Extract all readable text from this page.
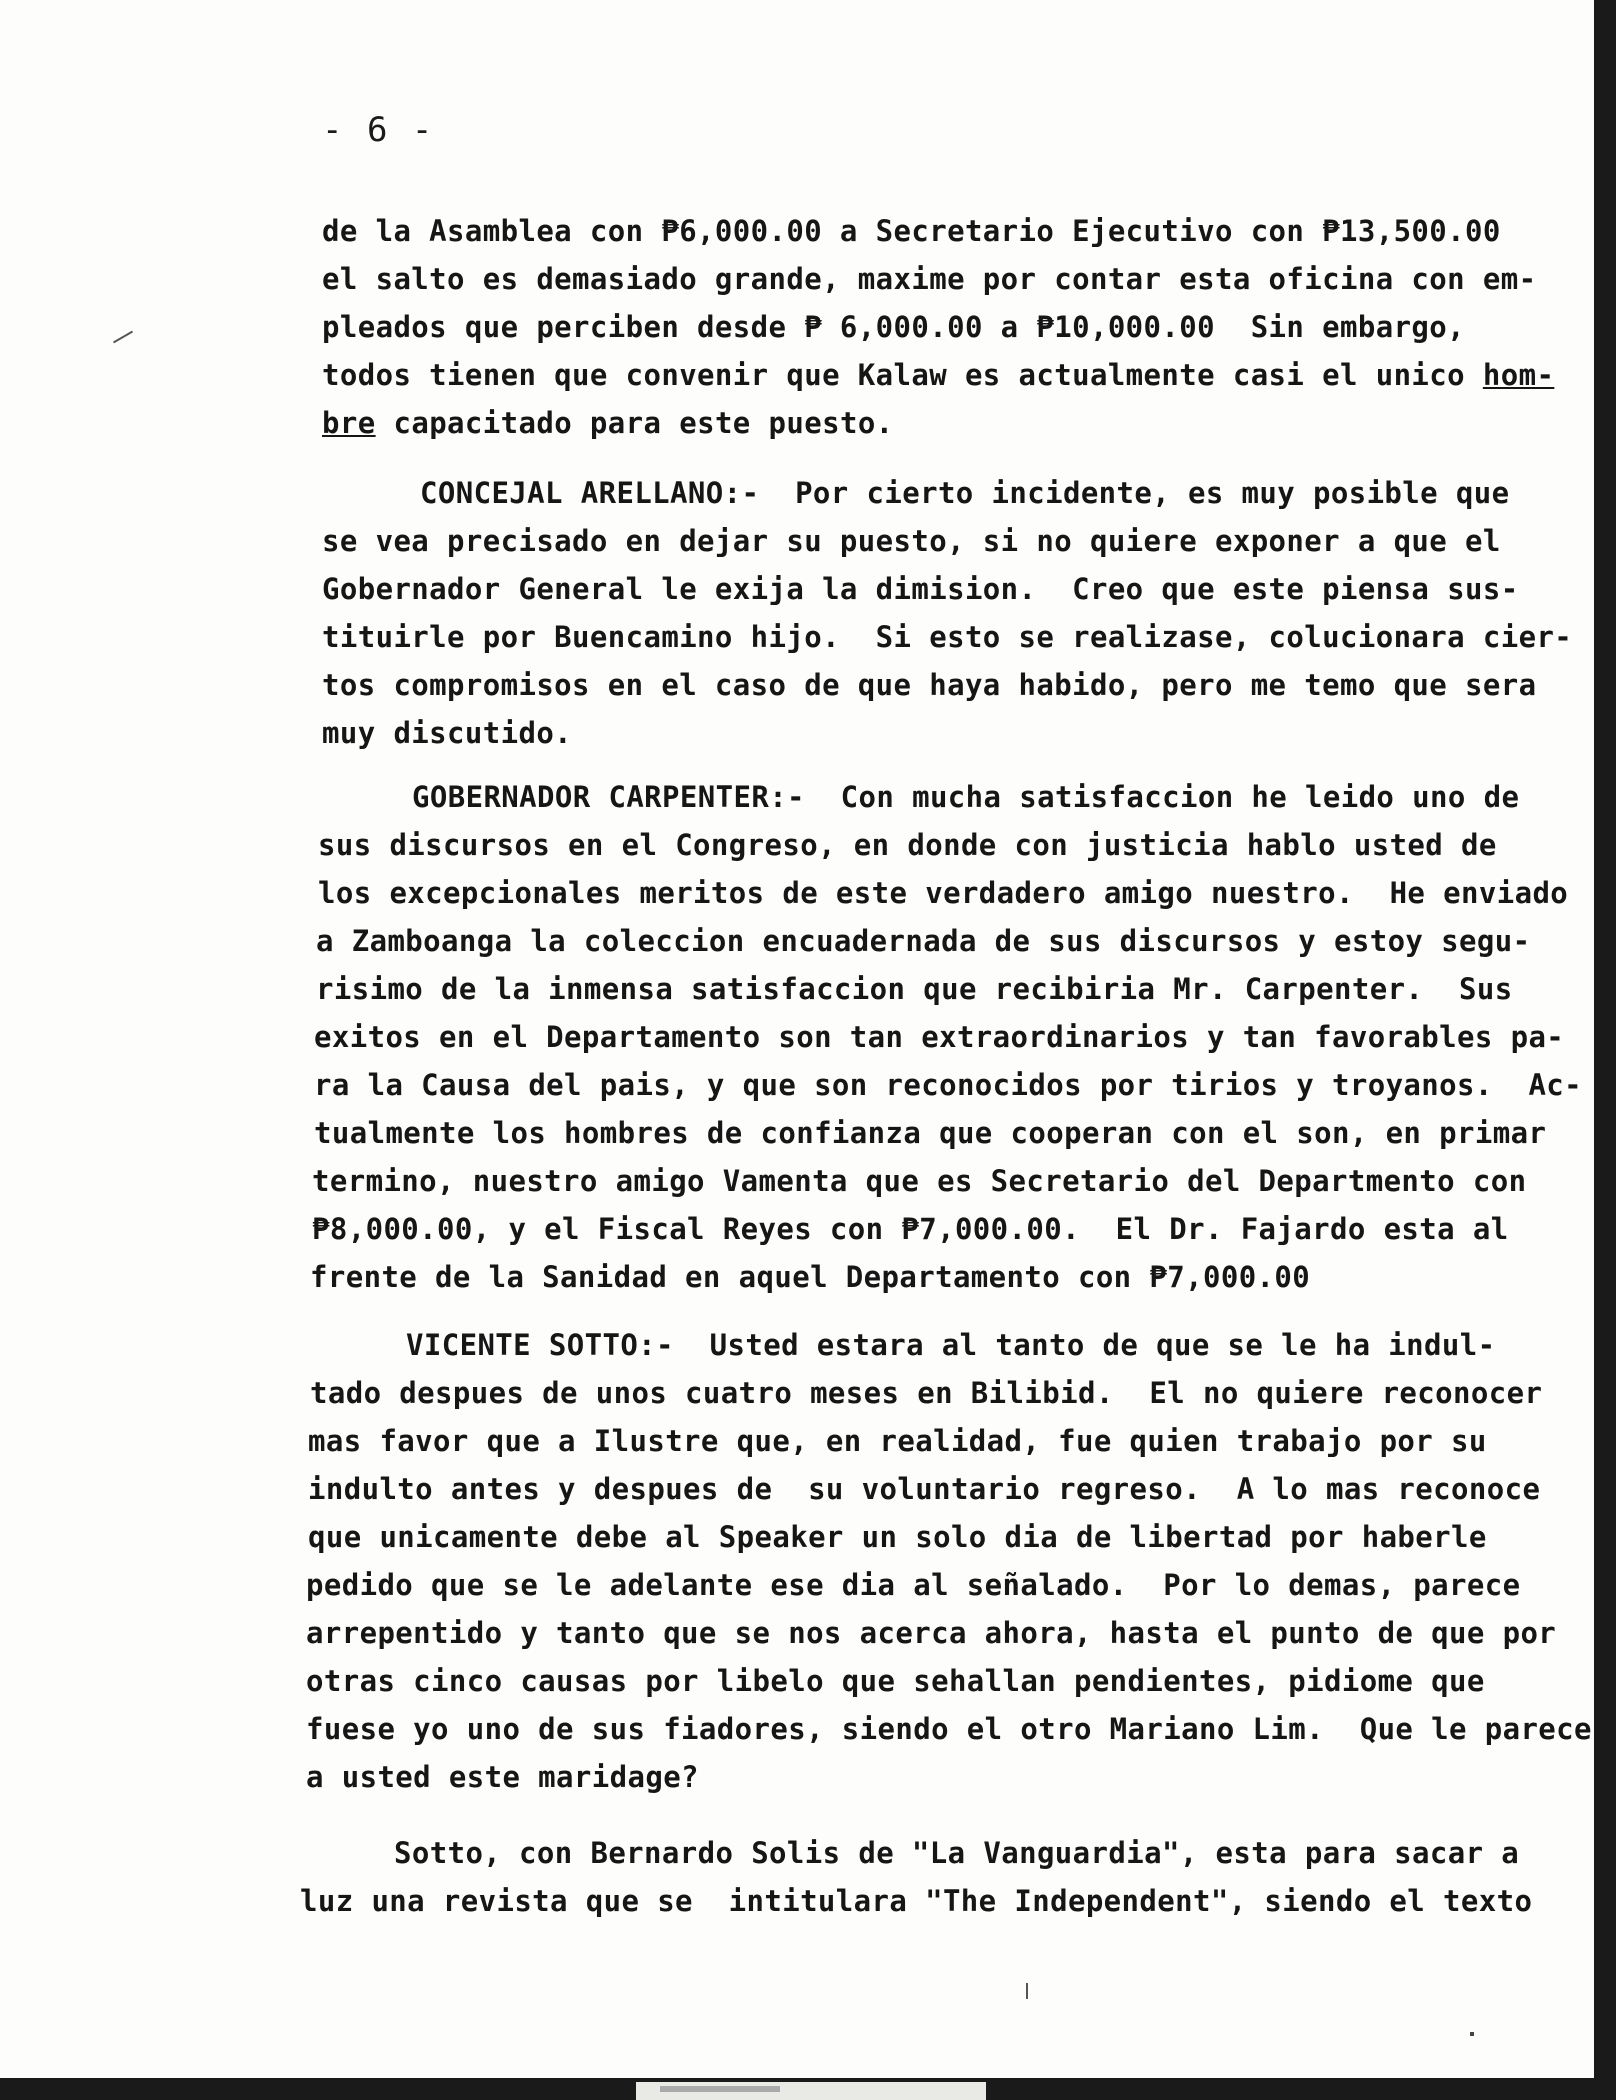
- 6 -
de la Asamblea con ₱6,000.00 a Secretario Ejecutivo con ₱13,500.00
el salto es demasiado grande, maxime por contar esta oficina con em-
pleados que perciben desde ₱ 6,000.00 a ₱10,000.00  Sin embargo,
todos tienen que convenir que Kalaw es actualmente casi el unico hom-
bre capacitado para este puesto.
CONCEJAL ARELLANO:-  Por cierto incidente, es muy posible que
se vea precisado en dejar su puesto, si no quiere exponer a que el
Gobernador General le exija la dimision.  Creo que este piensa sus-
tituirle por Buencamino hijo.  Si esto se realizase, colucionara cier-
tos compromisos en el caso de que haya habido, pero me temo que sera
muy discutido.
GOBERNADOR CARPENTER:-  Con mucha satisfaccion he leido uno de
sus discursos en el Congreso, en donde con justicia hablo usted de
los excepcionales meritos de este verdadero amigo nuestro.  He enviado
a Zamboanga la coleccion encuadernada de sus discursos y estoy segu-
risimo de la inmensa satisfaccion que recibiria Mr. Carpenter.  Sus
exitos en el Departamento son tan extraordinarios y tan favorables pa-
ra la Causa del pais, y que son reconocidos por tirios y troyanos.  Ac-
tualmente los hombres de confianza que cooperan con el son, en primar
termino, nuestro amigo Vamenta que es Secretario del Departmento con
₱8,000.00, y el Fiscal Reyes con ₱7,000.00.  El Dr. Fajardo esta al
frente de la Sanidad en aquel Departamento con ₱7,000.00
VICENTE SOTTO:-  Usted estara al tanto de que se le ha indul-
tado despues de unos cuatro meses en Bilibid.  El no quiere reconocer
mas favor que a Ilustre que, en realidad, fue quien trabajo por su
indulto antes y despues de  su voluntario regreso.  A lo mas reconoce
que unicamente debe al Speaker un solo dia de libertad por haberle
pedido que se le adelante ese dia al señalado.  Por lo demas, parece
arrepentido y tanto que se nos acerca ahora, hasta el punto de que por
otras cinco causas por libelo que sehallan pendientes, pidiome que
fuese yo uno de sus fiadores, siendo el otro Mariano Lim.  Que le parece
a usted este maridage?
Sotto, con Bernardo Solis de "La Vanguardia", esta para sacar a
luz una revista que se  intitulara "The Independent", siendo el texto
